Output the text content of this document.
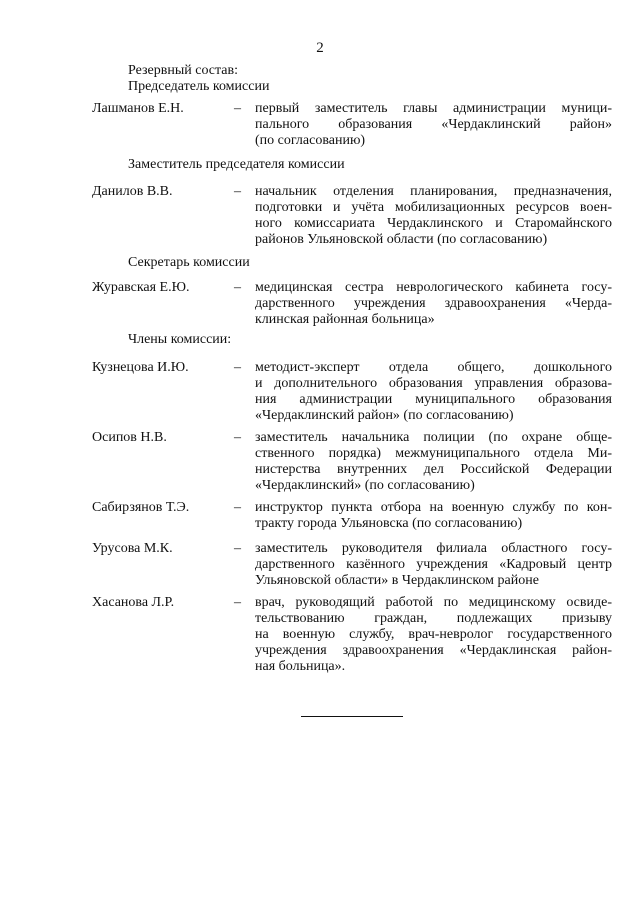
2
Резервный состав:
Председатель комиссии
Лашманов Е.Н.	– первый заместитель главы администрации муници-
пального образования «Чердаклинский район»
(по согласованию)
Заместитель председателя комиссии
Данилов В.В.	– начальник отделения планирования, предназначения,
подготовки и учёта мобилизационных ресурсов воен-
ного комиссариата Чердаклинского и Старомайнского
районов Ульяновской области (по согласованию)
Секретарь комиссии
Журавская Е.Ю.	– медицинская сестра неврологического кабинета госу-
дарственного учреждения здравоохранения «Черда-
клинская районная больница»
Члены комиссии:
Кузнецова И.Ю.	– методист-эксперт отдела общего, дошкольного
и дополнительного образования управления образова-
ния администрации муниципального образования
«Чердаклинский район» (по согласованию)
Осипов Н.В.	– заместитель начальника полиции (по охране обще-
ственного порядка) межмуниципального отдела Ми-
нистерства внутренних дел Российской Федерации
«Чердаклинский» (по согласованию)
Сабирзянов Т.Э.	– инструктор пункта отбора на военную службу по кон-
тракту города Ульяновска (по согласованию)
Урусова М.К.	– заместитель руководителя филиала областного госу-
дарственного казённого учреждения «Кадровый центр
Ульяновской области» в Чердаклинском районе
Хасанова Л.Р.	– врач, руководящий работой по медицинскому освиде-
тельствованию граждан, подлежащих призыву
на военную службу, врач-невролог государственного
учреждения здравоохранения «Чердаклинская район-
ная больница».
